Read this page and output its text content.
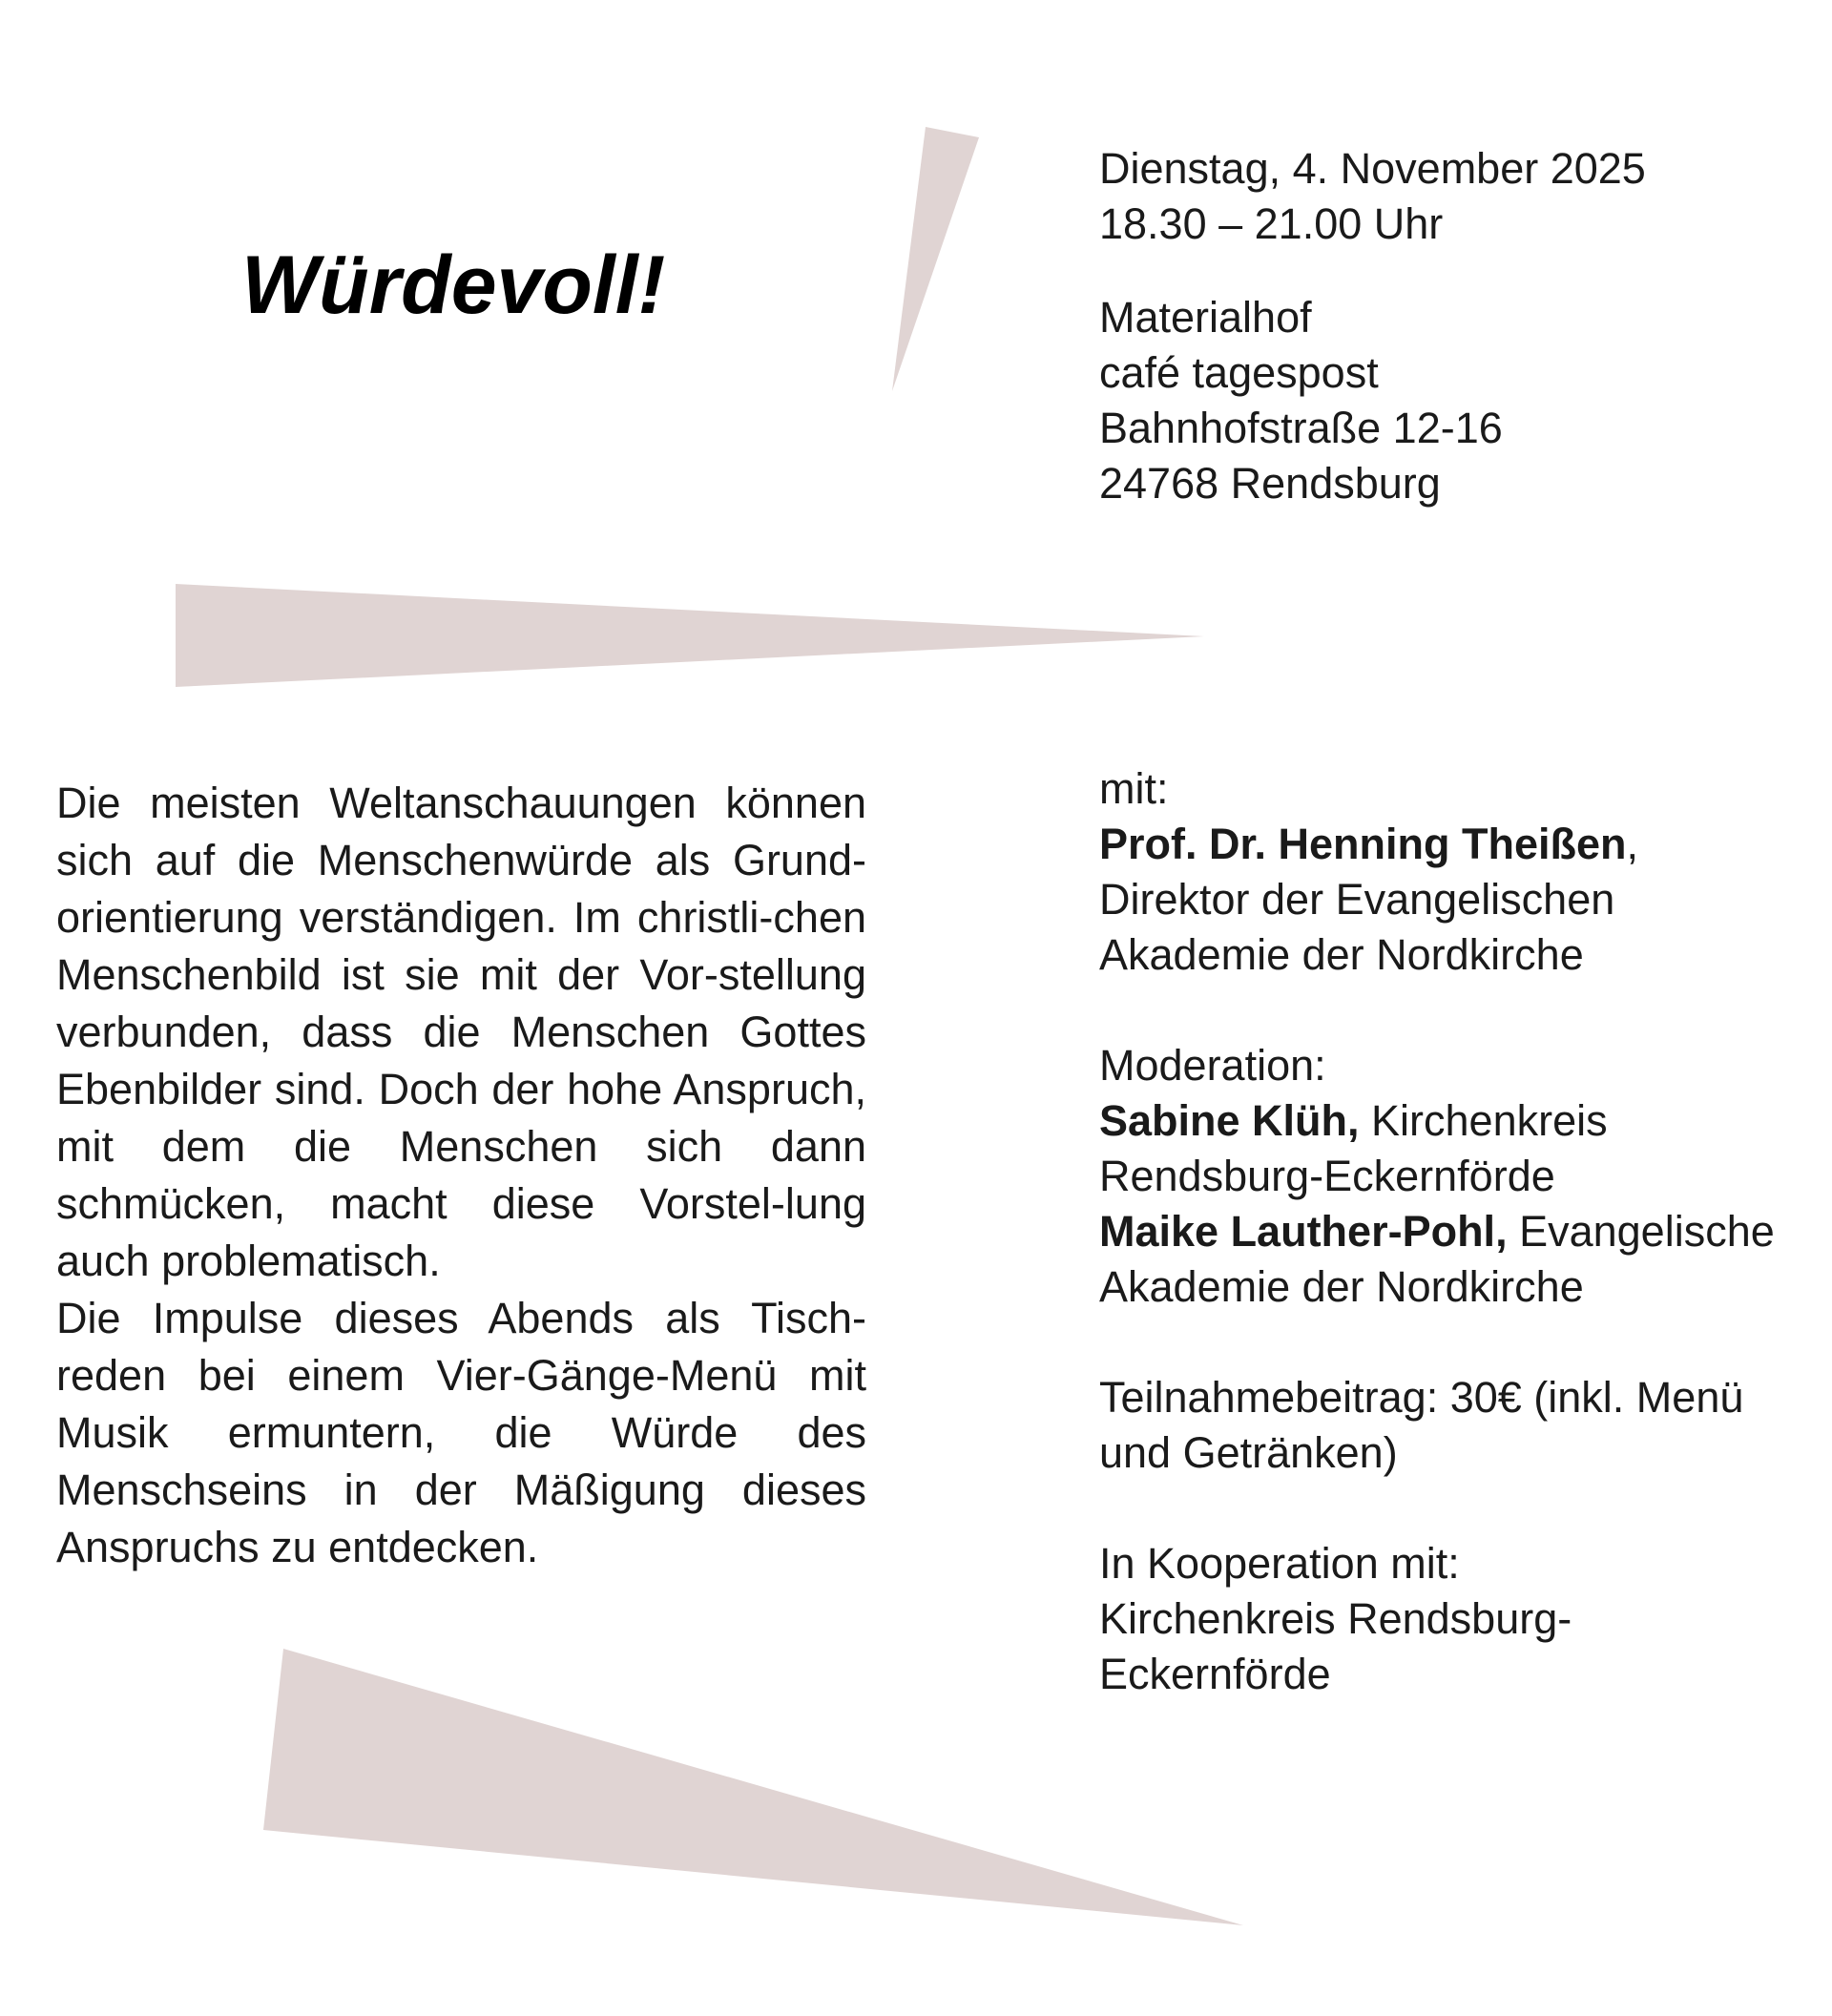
Würdevoll!
Dienstag, 4. November 2025
18.30 – 21.00 Uhr
Materialhof
café tagespost
Bahnhofstraße 12-16
24768 Rendsburg

Die meisten Weltanschauungen können sich auf die Menschenwürde als Grund-orientierung verständigen. Im christli-chen Menschenbild ist sie mit der Vor-stellung verbunden, dass die Menschen Gottes Ebenbilder sind. Doch der hohe Anspruch, mit dem die Menschen sich dann schmücken, macht diese Vorstel-lung auch problematisch.

Die Impulse dieses Abends als Tisch-reden bei einem Vier-Gänge-Menü mit Musik ermuntern, die Würde des Menschseins in der Mäßigung dieses Anspruchs zu entdecken.

mit:
Prof. Dr. Henning Theißen,
Direktor der Evangelischen
Akademie der Nordkirche
Moderation:
Sabine Klüh, Kirchenkreis
Rendsburg-Eckernförde
Maike Lauther-Pohl, Evangelische
Akademie der Nordkirche
Teilnahmebeitrag: 30€ (inkl. Menü
und Getränken)
In Kooperation mit:
Kirchenkreis Rendsburg-
Eckernförde
